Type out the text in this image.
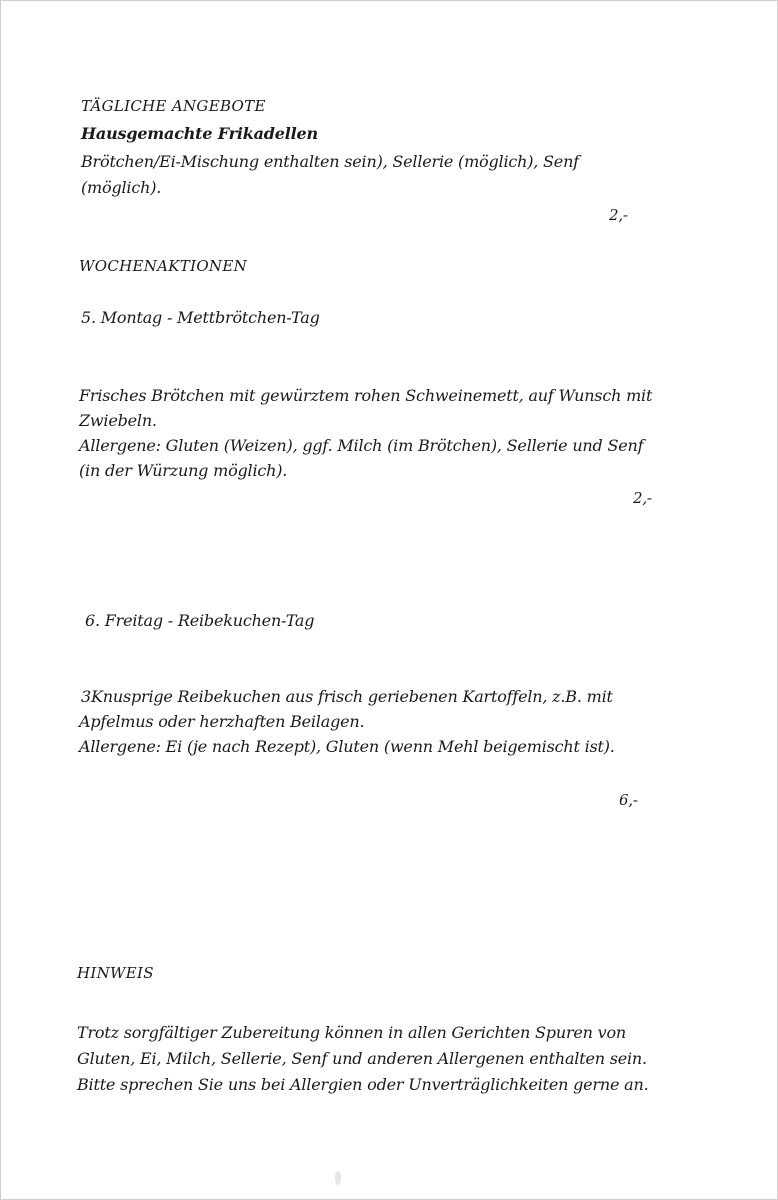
TÄGLICHE ANGEBOTE
Hausgemachte Frikadellen
Brötchen/Ei-Mischung enthalten sein), Sellerie (möglich), Senf
(möglich).
2,-
WOCHENAKTIONEN
5. Montag - Mettbrötchen-Tag
Frisches Brötchen mit gewürztem rohen Schweinemett, auf Wunsch mit
Zwiebeln.
Allergene: Gluten (Weizen), ggf. Milch (im Brötchen), Sellerie und Senf
(in der Würzung möglich).
2,-
6. Freitag - Reibekuchen-Tag
3Knusprige Reibekuchen aus frisch geriebenen Kartoffeln, z.B. mit
Apfelmus oder herzhaften Beilagen.
Allergene: Ei (je nach Rezept), Gluten (wenn Mehl beigemischt ist).
6,-
HINWEIS
Trotz sorgfältiger Zubereitung können in allen Gerichten Spuren von
Gluten, Ei, Milch, Sellerie, Senf und anderen Allergenen enthalten sein.
Bitte sprechen Sie uns bei Allergien oder Unverträglichkeiten gerne an.
